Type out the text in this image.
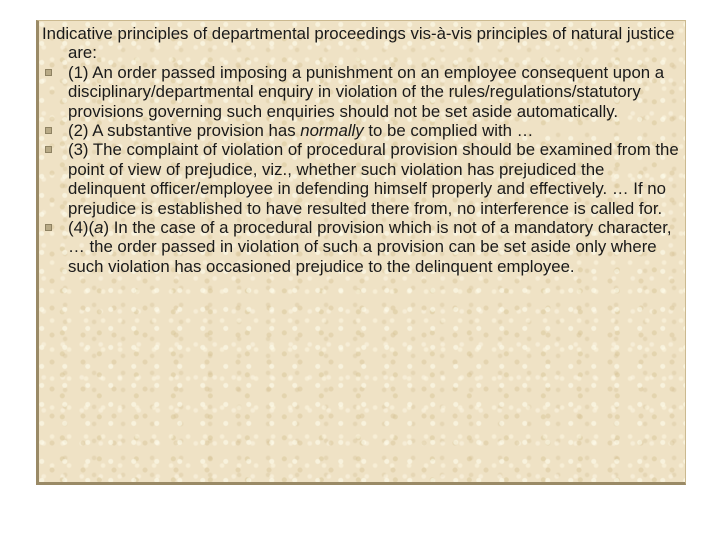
Indicative principles of departmental proceedings vis-à-vis principles of natural justice are:

(1) An order passed imposing a punishment on an employee consequent upon a disciplinary/departmental enquiry in violation of the rules/regulations/statutory provisions governing such enquiries should not be set aside automatically.
(2) A substantive provision has normally to be complied with …
(3) The complaint of violation of procedural provision should be examined from the point of view of prejudice, viz., whether such violation has prejudiced the delinquent officer/employee in defending himself properly and effectively. … If no prejudice is established to have resulted there from, no interference is called for.
(4)(a) In the case of a procedural provision which is not of a mandatory character, … the order passed in violation of such a provision can be set aside only where such violation has occasioned prejudice to the delinquent employee.
